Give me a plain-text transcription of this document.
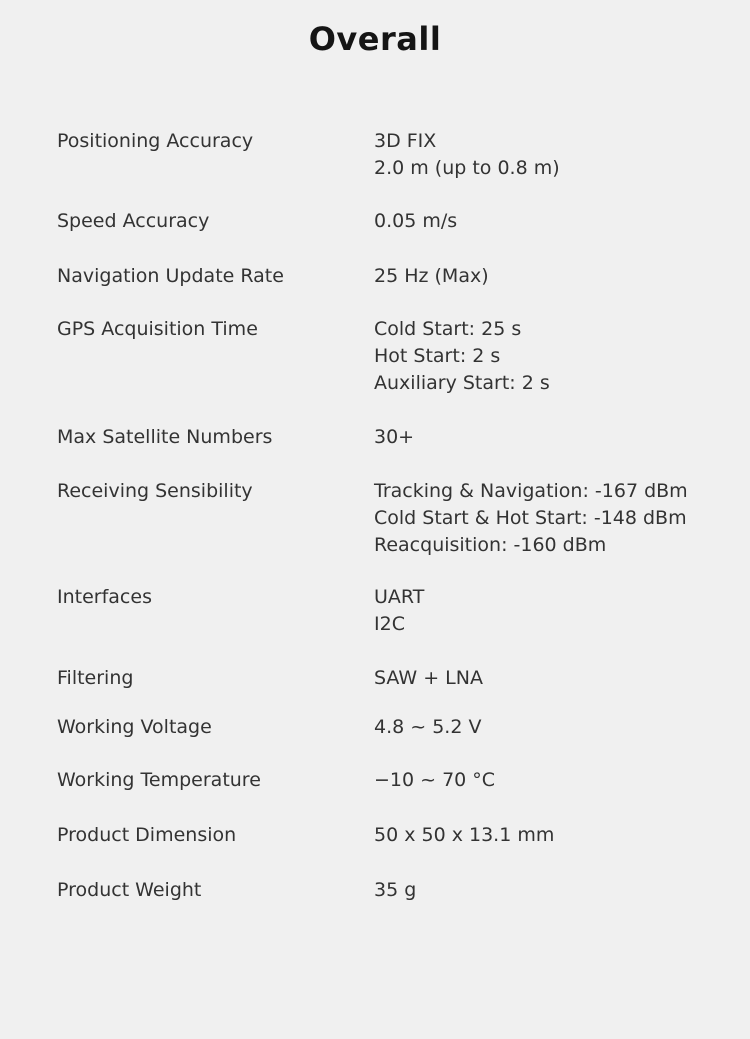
Overall
Positioning Accuracy	3D FIX
2.0 m (up to 0.8 m)
Speed Accuracy	0.05 m/s
Navigation Update Rate	25 Hz (Max)
GPS Acquisition Time	Cold Start: 25 s
Hot Start: 2 s
Auxiliary Start: 2 s
Max Satellite Numbers	30+
Receiving Sensibility	Tracking & Navigation: -167 dBm
Cold Start & Hot Start: -148 dBm
Reacquisition: -160 dBm
Interfaces	UART
I2C
Filtering	SAW + LNA
Working Voltage	4.8 ~ 5.2 V
Working Temperature	−10 ~ 70 °C
Product Dimension	50 x 50 x 13.1 mm
Product Weight	35 g
